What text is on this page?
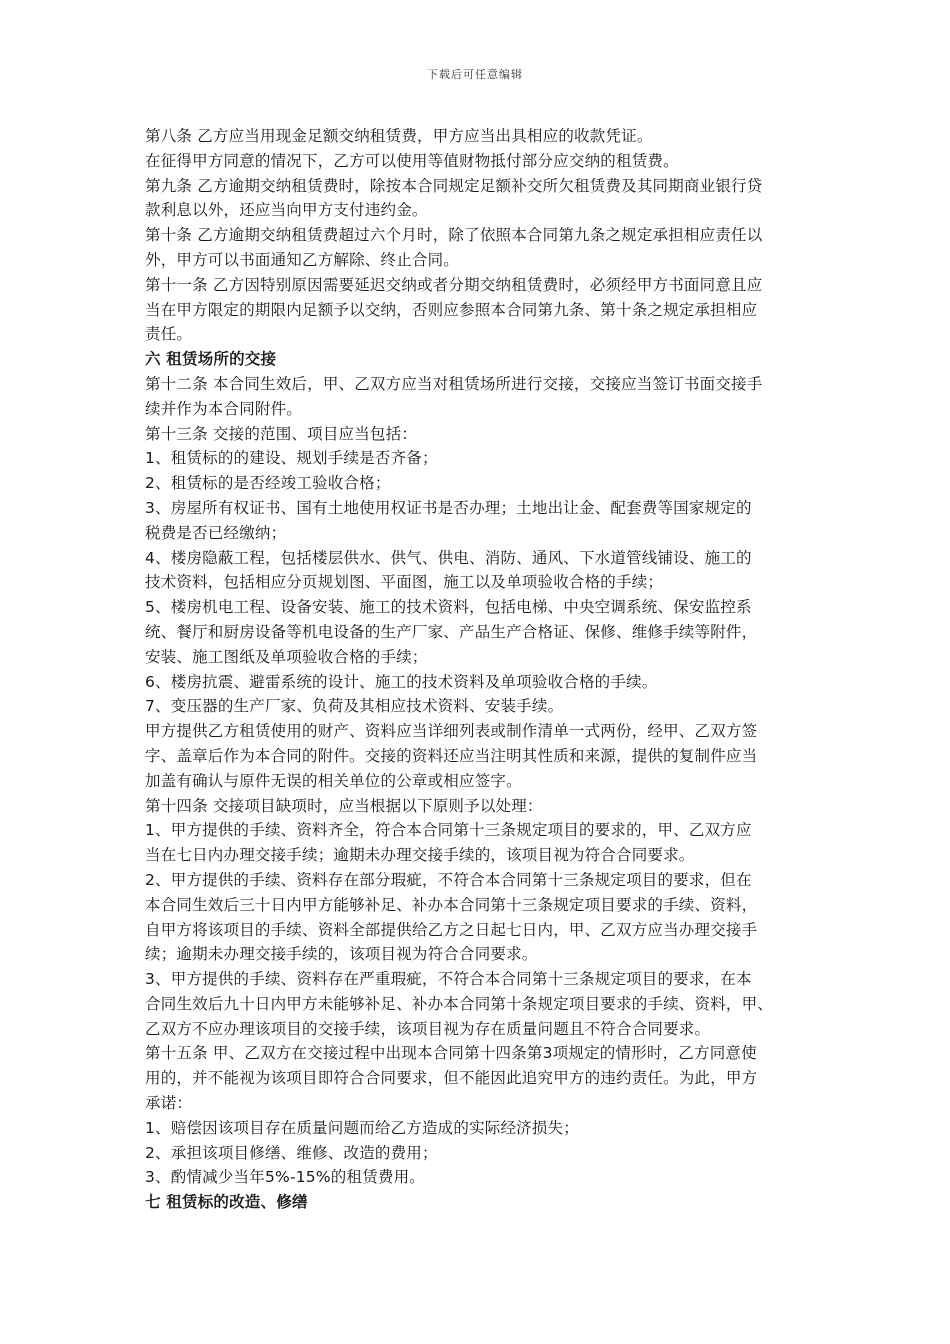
下载后可任意编辑
第八条 乙方应当用现金足额交纳租赁费，甲方应当出具相应的收款凭证。
在征得甲方同意的情况下，乙方可以使用等值财物抵付部分应交纳的租赁费。
第九条 乙方逾期交纳租赁费时，除按本合同规定足额补交所欠租赁费及其同期商业银行贷
款利息以外，还应当向甲方支付违约金。
第十条 乙方逾期交纳租赁费超过六个月时，除了依照本合同第九条之规定承担相应责任以
外，甲方可以书面通知乙方解除、终止合同。
第十一条 乙方因特别原因需要延迟交纳或者分期交纳租赁费时，必须经甲方书面同意且应
当在甲方限定的期限内足额予以交纳，否则应参照本合同第九条、第十条之规定承担相应
责任。
六 租赁场所的交接
第十二条 本合同生效后，甲、乙双方应当对租赁场所进行交接，交接应当签订书面交接手
续并作为本合同附件。
第十三条 交接的范围、项目应当包括：
1、租赁标的的建设、规划手续是否齐备；
2、租赁标的是否经竣工验收合格；
3、房屋所有权证书、国有土地使用权证书是否办理；土地出让金、配套费等国家规定的
税费是否已经缴纳；
4、楼房隐蔽工程，包括楼层供水、供气、供电、消防、通风、下水道管线铺设、施工的
技术资料，包括相应分页规划图、平面图，施工以及单项验收合格的手续；
5、楼房机电工程、设备安装、施工的技术资料，包括电梯、中央空调系统、保安监控系
统、餐厅和厨房设备等机电设备的生产厂家、产品生产合格证、保修、维修手续等附件，
安装、施工图纸及单项验收合格的手续；
6、楼房抗震、避雷系统的设计、施工的技术资料及单项验收合格的手续。
7、变压器的生产厂家、负荷及其相应技术资料、安装手续。
甲方提供乙方租赁使用的财产、资料应当详细列表或制作清单一式两份，经甲、乙双方签
字、盖章后作为本合同的附件。交接的资料还应当注明其性质和来源，提供的复制件应当
加盖有确认与原件无误的相关单位的公章或相应签字。
第十四条 交接项目缺项时，应当根据以下原则予以处理：
1、甲方提供的手续、资料齐全，符合本合同第十三条规定项目的要求的，甲、乙双方应
当在七日内办理交接手续；逾期未办理交接手续的，该项目视为符合合同要求。
2、甲方提供的手续、资料存在部分瑕疵，不符合本合同第十三条规定项目的要求，但在
本合同生效后三十日内甲方能够补足、补办本合同第十三条规定项目要求的手续、资料，
自甲方将该项目的手续、资料全部提供给乙方之日起七日内，甲、乙双方应当办理交接手
续；逾期未办理交接手续的，该项目视为符合合同要求。
3、甲方提供的手续、资料存在严重瑕疵，不符合本合同第十三条规定项目的要求，在本
合同生效后九十日内甲方未能够补足、补办本合同第十条规定项目要求的手续、资料，甲、
乙双方不应办理该项目的交接手续，该项目视为存在质量问题且不符合合同要求。
第十五条 甲、乙双方在交接过程中出现本合同第十四条第3项规定的情形时，乙方同意使
用的，并不能视为该项目即符合合同要求，但不能因此追究甲方的违约责任。为此，甲方
承诺：
1、赔偿因该项目存在质量问题而给乙方造成的实际经济损失；
2、承担该项目修缮、维修、改造的费用；
3、酌情减少当年5%-15%的租赁费用。
七 租赁标的改造、修缮
